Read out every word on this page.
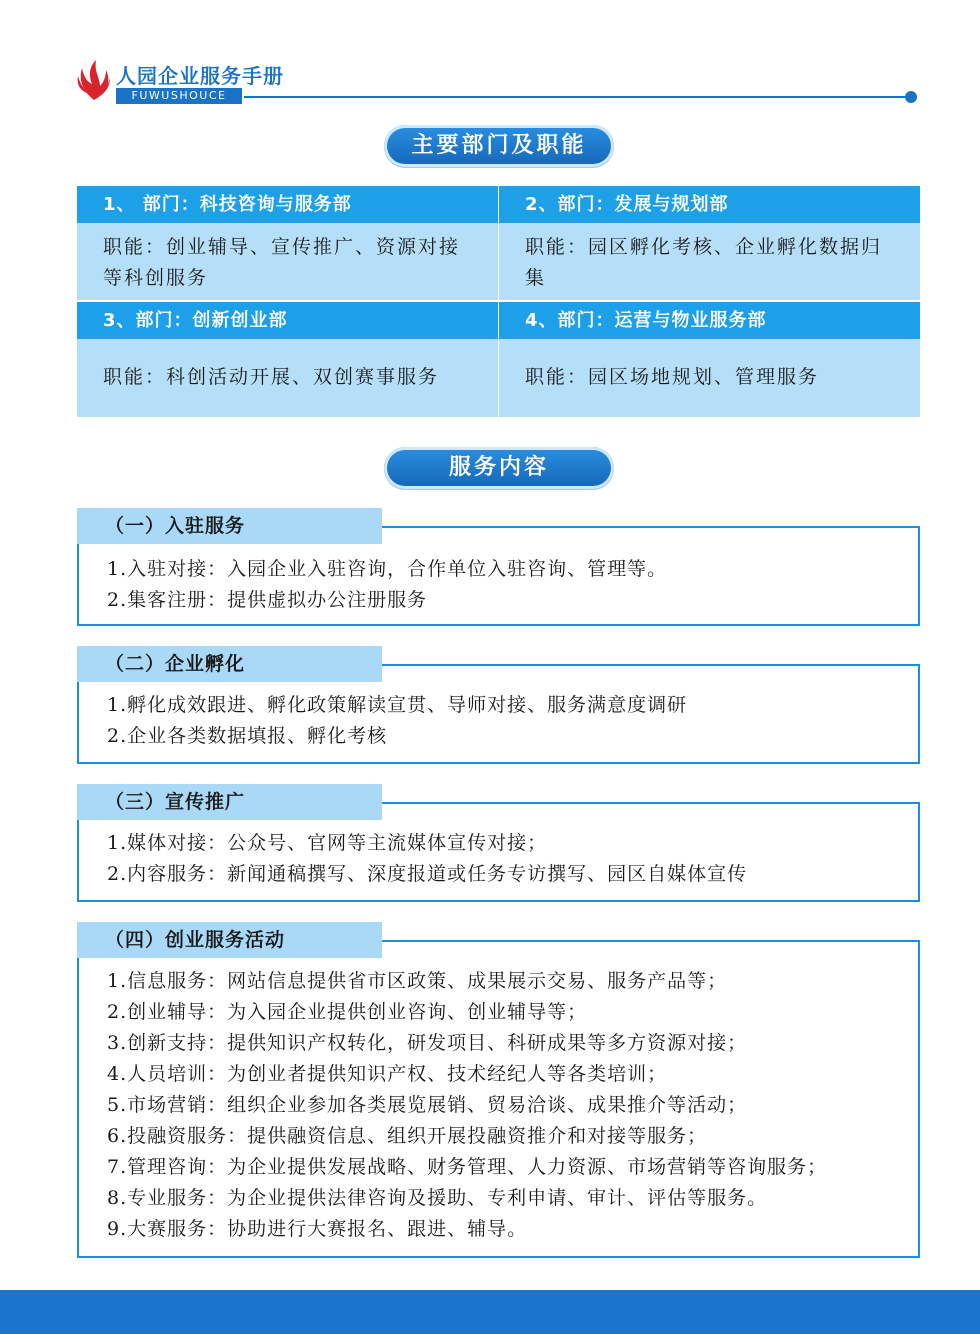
人园企业服务手册
FUWUSHOUCE
主要部门及职能
1、 部门：科技咨询与服务部
职能：创业辅导、宣传推广、资源对接等科创服务
2、部门：发展与规划部
职能：园区孵化考核、企业孵化数据归集
3、部门：创新创业部
职能：科创活动开展、双创赛事服务
4、部门：运营与物业服务部
职能：园区场地规划、管理服务
服务内容
（一）入驻服务
1.入驻对接：入园企业入驻咨询，合作单位入驻咨询、管理等。
2.集客注册：提供虚拟办公注册服务
（二）企业孵化
1.孵化成效跟进、孵化政策解读宣贯、导师对接、服务满意度调研
2.企业各类数据填报、孵化考核
（三）宣传推广
1.媒体对接：公众号、官网等主流媒体宣传对接；
2.内容服务：新闻通稿撰写、深度报道或任务专访撰写、园区自媒体宣传
（四）创业服务活动
1.信息服务：网站信息提供省市区政策、成果展示交易、服务产品等；
2.创业辅导：为入园企业提供创业咨询、创业辅导等；
3.创新支持：提供知识产权转化，研发项目、科研成果等多方资源对接；
4.人员培训：为创业者提供知识产权、技术经纪人等各类培训；
5.市场营销：组织企业参加各类展览展销、贸易洽谈、成果推介等活动；
6.投融资服务：提供融资信息、组织开展投融资推介和对接等服务；
7.管理咨询：为企业提供发展战略、财务管理、人力资源、市场营销等咨询服务；
8.专业服务：为企业提供法律咨询及援助、专利申请、审计、评估等服务。
9.大赛服务：协助进行大赛报名、跟进、辅导。
